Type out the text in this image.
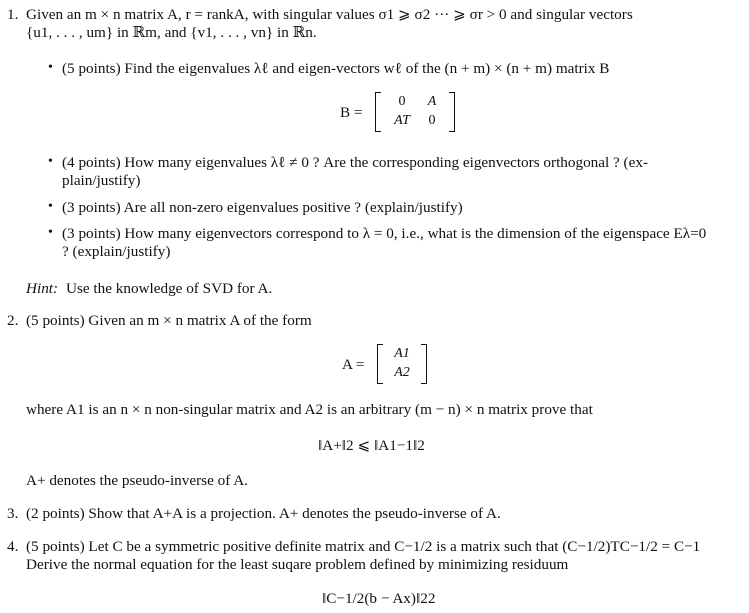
1. Given an m × n matrix A, r = rankA, with singular values σ1 ⩾ σ2 ··· ⩾ σr > 0 and singular vectors
{u1, . . . , um} in ℝm, and {v1, . . . , vn} in ℝn.
• (5 points) Find the eigenvalues λℓ and eigen-vectors wℓ of the (n + m) × (n + m) matrix B
B =
0	A
AT	0
• (4 points) How many eigenvalues λℓ ≠ 0 ? Are the corresponding eigenvectors orthogonal ? (ex-
plain/justify)
• (3 points) Are all non-zero eigenvalues positive ? (explain/justify)
• (3 points) How many eigenvectors correspond to λ = 0, i.e., what is the dimension of the eigenspace Eλ=0
? (explain/justify)
Hint: Use the knowledge of SVD for A.
2. (5 points) Given an m × n matrix A of the form
A =
A1
A2
where A1 is an n × n non-singular matrix and A2 is an arbitrary (m − n) × n matrix prove that
‖A+‖2 ⩽ ‖A1−1‖2
A+ denotes the pseudo-inverse of A.
3. (2 points) Show that A+A is a projection. A+ denotes the pseudo-inverse of A.
4. (5 points) Let C be a symmetric positive definite matrix and C−1/2 is a matrix such that (C−1/2)TC−1/2 = C−1
Derive the normal equation for the least suqare problem defined by minimizing residuum
‖C−1/2(b − Ax)‖22
